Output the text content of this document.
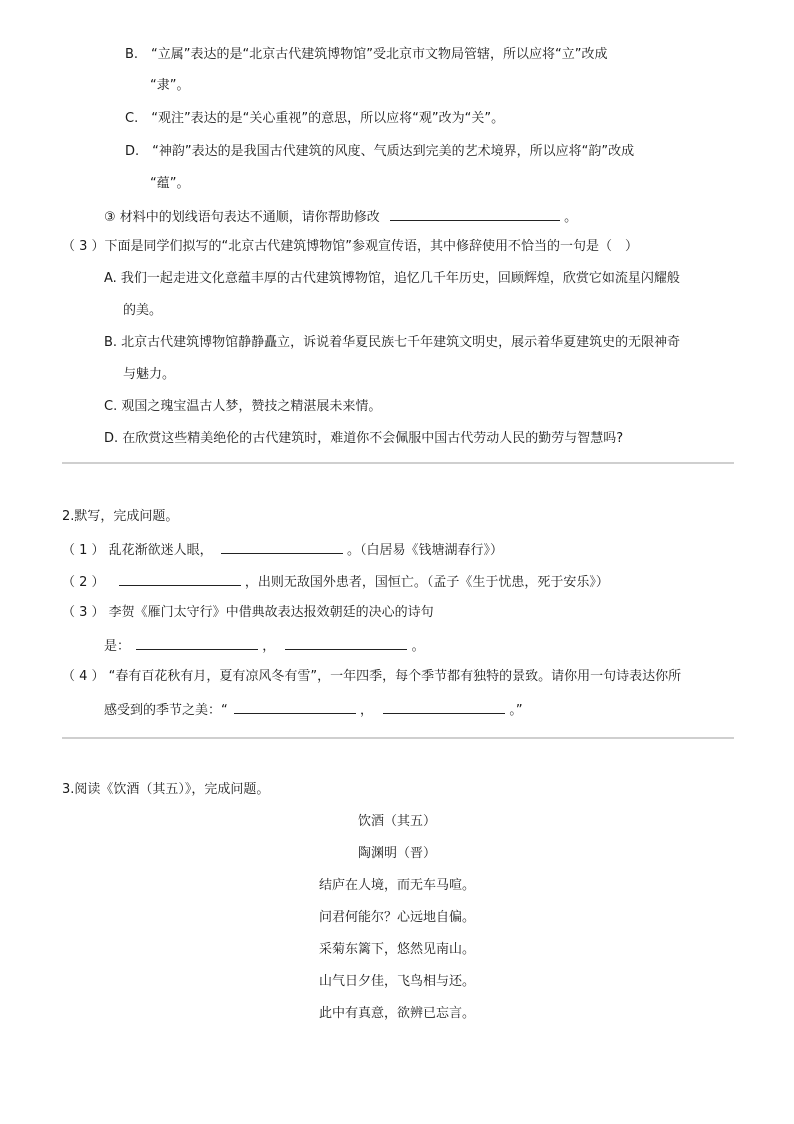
B.　“立属”表达的是“北京古代建筑博物馆”受北京市文物局管辖，所以应将“立”改成
“隶”。
C.　“观注”表达的是“关心重视”的意思，所以应将“观”改为“关”。
D.　“神韵”表达的是我国古代建筑的风度、气质达到完美的艺术境界，所以应将“韵”改成
“蕴”。
③ 材料中的划线语句表达不通顺，请你帮助修改	。
（ 3 ）下面是同学们拟写的“北京古代建筑博物馆”参观宣传语，其中修辞使用不恰当的一句是（　）
A. 我们一起走进文化意蕴丰厚的古代建筑博物馆，追忆几千年历史，回顾辉煌，欣赏它如流星闪耀般
的美。
B. 北京古代建筑博物馆静静矗立，诉说着华夏民族七千年建筑文明史，展示着华夏建筑史的无限神奇
与魅力。
C. 观国之瑰宝温古人梦，赞技之精湛展未来情。
D. 在欣赏这些精美绝伦的古代建筑时，难道你不会佩服中国古代劳动人民的勤劳与智慧吗?
2.默写，完成问题。
（ 1 ） 乱花渐欲迷人眼，	。（白居易《钱塘湖春行》）
（ 2 ）	，出则无敌国外患者，国恒亡。（孟子《生于忧患，死于安乐》）
（ 3 ） 李贺《雁门太守行》中借典故表达报效朝廷的决心的诗句
是：	，	。
（ 4 ） “春有百花秋有月，夏有凉风冬有雪”，一年四季，每个季节都有独特的景致。请你用一句诗表达你所
感受到的季节之美：“	，	。”
3.阅读《饮酒（其五）》，完成问题。
饮酒（其五）
陶渊明（晋）
结庐在人境，而无车马喧。
问君何能尔？心远地自偏。
采菊东篱下，悠然见南山。
山气日夕佳，飞鸟相与还。
此中有真意，欲辨已忘言。
